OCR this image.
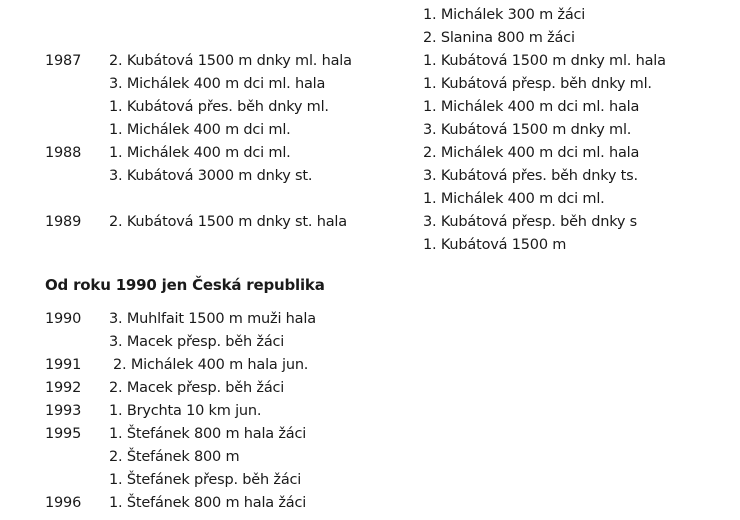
1987 2. Kubátová 1500 m dnky ml. hala
3. Michálek 400 m dci ml. hala
1. Kubátová přes. běh dnky ml.
1. Michálek 400 m dci ml.
1988 1. Michálek 400 m dci ml.
3. Kubátová 3000 m dnky st.
1989 2. Kubátová 1500 m dnky st. hala
Od roku 1990 jen Česká republika
1990 3. Muhlfait 1500 m muži hala
3. Macek přesp. běh žáci
1991 2. Michálek 400 m hala jun.
1992 2. Macek přesp. běh žáci
1993 1. Brychta 10 km jun.
1995 1. Štefánek 800 m hala žáci
2. Štefánek 800 m
1. Štefánek přesp. běh žáci
1996 1. Štefánek 800 m hala žáci
1. Michálek 300 m žáci
2. Slanina 800 m žáci
1. Kubátová 1500 m dnky ml. hala
1. Kubátová přesp. běh dnky ml.
1. Michálek 400 m dci ml. hala
3. Kubátová 1500 m dnky ml.
2. Michálek 400 m dci ml. hala
3. Kubátová přes. běh dnky ts.
1. Michálek 400 m dci ml.
3. Kubátová přesp. běh dnky s
1. Kubátová 1500 m
